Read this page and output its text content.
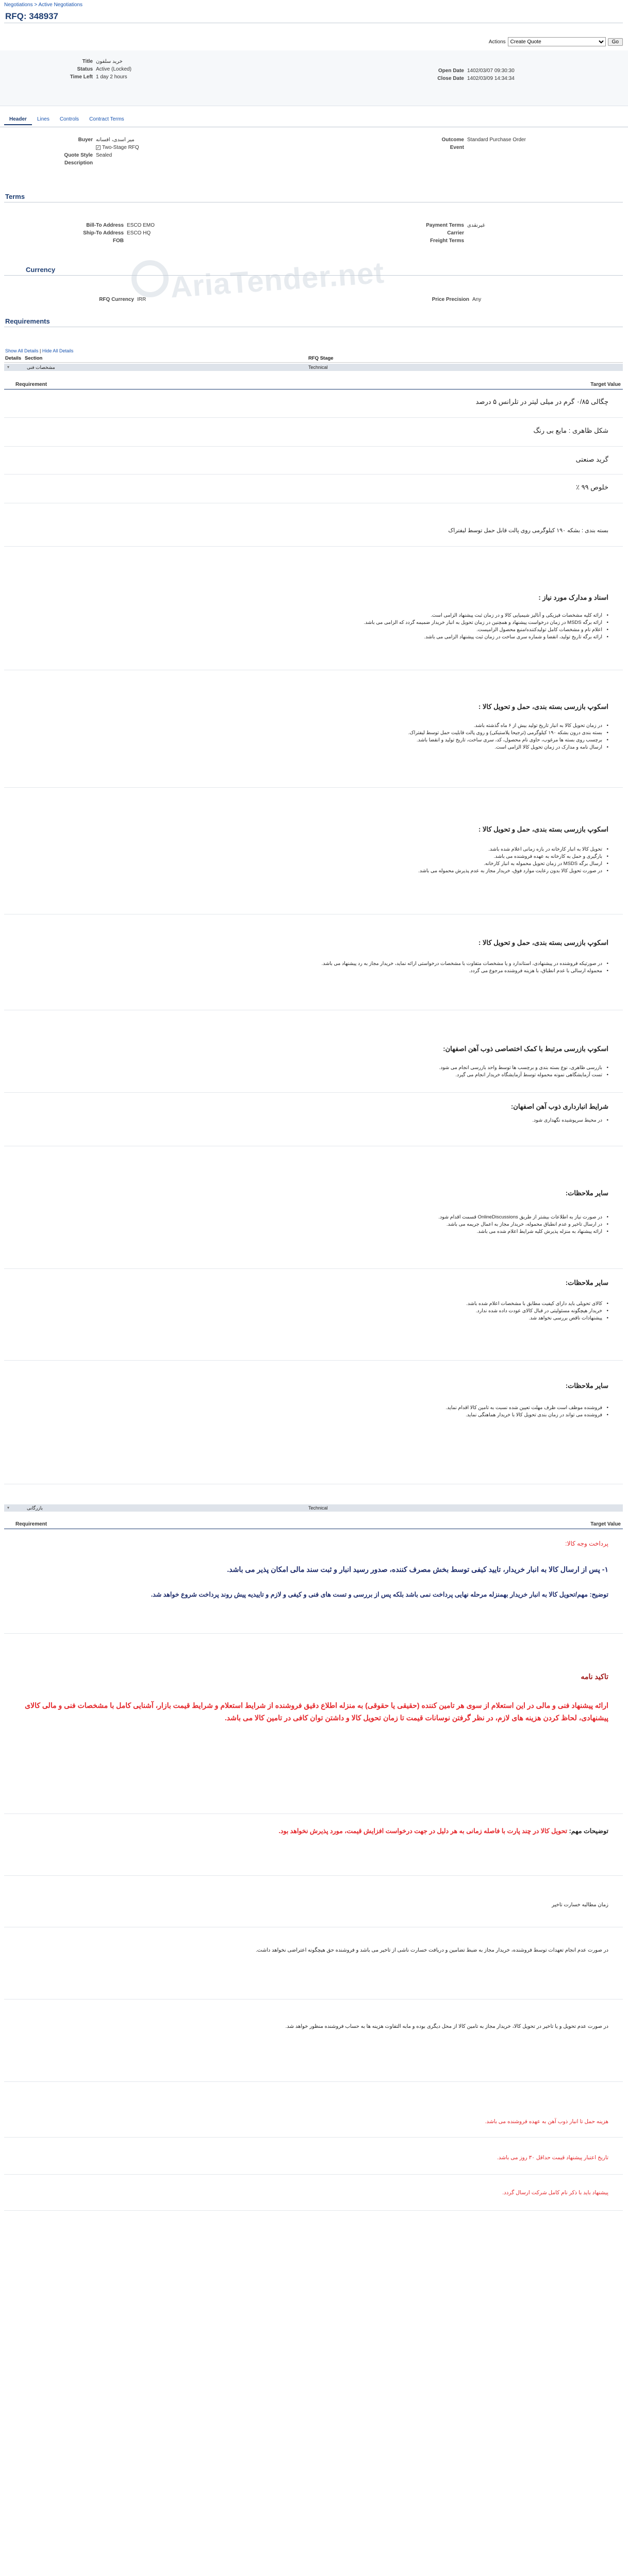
Negotiations > Active Negotiations
RFQ: 348937
Actions
Create Quote	Go
Title خرید سلفون
Status Active (Locked)
Time Left 1 day 2 hours
Open Date 1402/03/07 09:30:30
Close Date 1402/03/09 14:34:34
Header	Lines	Controls	Contract Terms
Buyer میر اسدی، افسانه
✓ Two-Stage RFQ
Quote Style Sealed
Description
Outcome Standard Purchase Order
Event
Terms
Bill-To Address ESCO EMO
Ship-To Address ESCO HQ
FOB
Payment Terms غیرنقدی
Carrier
Freight Terms
AriaTender.net
Currency
RFQ Currency IRR	Price Precision Any
Requirements
Show All Details | Hide All Details
Details Section	RFQ Stage
▾	مشخصات فنی	Technical
Requirement	Target Value

چگالی ۰/۸۵ گرم در میلی لیتر در تلرانس ۵ درصد

شکل ظاهری : مایع بی رنگ

گرید صنعتی

خلوص ۹۹ ٪

بسته بندی : بشکه ۱۹۰ کیلوگرمی روی پالت قابل حمل توسط لیفتراک

اسناد و مدارک مورد نیاز :

• ارائه کلیه مشخصات فیزیکی و آنالیز شیمیایی کالا و در زمان ثبت پیشنهاد الزامی است.
• ارائه برگه MSDS در زمان درخواست پیشنهاد و همچنین در زمان تحویل به انبار خریدار ضمیمه گردد که الزامی می باشد.
• اعلام نام و مشخصات کامل تولیدکننده/منبع محصول الزامیست.
• ارائه برگه تاریخ تولید، انقضا و شماره سری ساخت در زمان ثبت پیشنهاد الزامی می باشد.

اسکوپ بازرسی بسته بندی، حمل و تحویل کالا :

• در زمان تحویل کالا به انبار تاریخ تولید بیش از ۶ ماه گذشته باشد.
• بسته بندی درون بشکه ۱۹۰ کیلوگرمی (ترجیحا پلاستیکی) و روی پالت قابلیت حمل توسط لیفتراک.
• برچسب روی بسته ها مرغوب، حاوی نام محصول، کد، سری ساخت، تاریخ تولید و انقضا باشد.
• ارسال نامه و مدارک در زمان تحویل کالا الزامی است.

اسکوپ بازرسی بسته بندی، حمل و تحویل کالا :

• تحویل کالا به انبار کارخانه در بازه زمانی اعلام شده باشد.
• بارگیری و حمل به کارخانه به عهده فروشنده می باشد.
• ارسال برگه MSDS در زمان تحویل محموله به انبار کارخانه.
• در صورت تحویل کالا بدون رعایت موارد فوق، خریدار مجاز به عدم پذیرش محموله می باشد.

اسکوپ بازرسی بسته بندی، حمل و تحویل کالا :

• در صورتیکه فروشنده در پیشنهادی، استاندارد و یا مشخصات متفاوت با مشخصات درخواستی ارائه نماید، خریدار مجاز به رد پیشنهاد می باشد.
• محموله ارسالی با عدم انطباق، با هزینه فروشنده مرجوع می گردد.

اسکوپ بازرسی مرتبط با کمک اختصاصی ذوب آهن اصفهان:

• بازرسی ظاهری، نوع بسته بندی و برچسب ها توسط واحد بازرسی انجام می شود.
• تست آزمایشگاهی نمونه محموله توسط آزمایشگاه خریدار انجام می گیرد.

شرایط انبارداری ذوب آهن اصفهان:

• در محیط سرپوشیده نگهداری شود.

سایر ملاحظات:

• در صورت نیاز به اطلاعات بیشتر از طریق OnlineDiscussions قسمت اقدام شود.
• در ارسال تاخیر و عدم انطباق محموله، خریدار مجاز به اعمال جریمه می باشد.
• ارائه پیشنهاد به منزله پذیرش کلیه شرایط اعلام شده می باشد.

سایر ملاحظات:

• کالای تحویلی باید دارای کیفیت مطابق با مشخصات اعلام شده باشد.
• خریدار هیچگونه مسئولیتی در قبال کالای عودت داده شده ندارد.
• پیشنهادات ناقص بررسی نخواهد شد.

سایر ملاحظات:

• فروشنده موظف است ظرف مهلت تعیین شده نسبت به تامین کالا اقدام نماید.
• فروشنده می تواند در زمان بندی تحویل کالا با خریدار هماهنگی نماید.
▾	بازرگانی	Technical
Requirement	Target Value

پرداخت وجه کالا:

۱- پس از ارسال کالا به انبار خریدار، تایید کیفی توسط بخش مصرف کننده، صدور رسید انبار و ثبت سند مالی امکان پذیر می باشد.

توضیح: مهم/تحویل کالا به انبار خریدار بهمنزله مرحله نهایی پرداخت نمی باشد بلکه پس از بررسی و تست های فنی و کیفی و لازم و تاییدیه پیش روند پرداخت شروع خواهد شد.

تاکید نامه

ارائه پیشنهاد فنی و مالی در این استعلام از سوی هر تامین کننده (حقیقی یا حقوقی) به منزله اطلاع دقیق فروشنده از شرایط استعلام و شرایط قیمت بازار، آشنایی کامل با مشخصات فنی و مالی کالای پیشنهادی، لحاظ کردن هزینه های لازم، در نظر گرفتن نوسانات قیمت تا زمان تحویل کالا و داشتن توان کافی در تامین کالا می باشد.

توضیحات مهم: تحویل کالا در چند پارت با فاصله زمانی به هر دلیل در جهت درخواست افزایش قیمت، مورد پذیرش نخواهد بود.

زمان مطالبه خسارت تاخیر

در صورت عدم انجام تعهدات توسط فروشنده، خریدار مجاز به ضبط تضامین و دریافت خسارت ناشی از تاخیر می باشد و فروشنده حق هیچگونه اعتراضی نخواهد داشت.

در صورت عدم تحویل و یا تاخیر در تحویل کالا، خریدار مجاز به تامین کالا از محل دیگری بوده و مابه التفاوت هزینه ها به حساب فروشنده منظور خواهد شد.

هزینه حمل تا انبار ذوب آهن به عهده فروشنده می باشد.

تاریخ اعتبار پیشنهاد قیمت حداقل ۳۰ روز می باشد.

پیشنهاد باید با ذکر نام کامل شرکت ارسال گردد.
